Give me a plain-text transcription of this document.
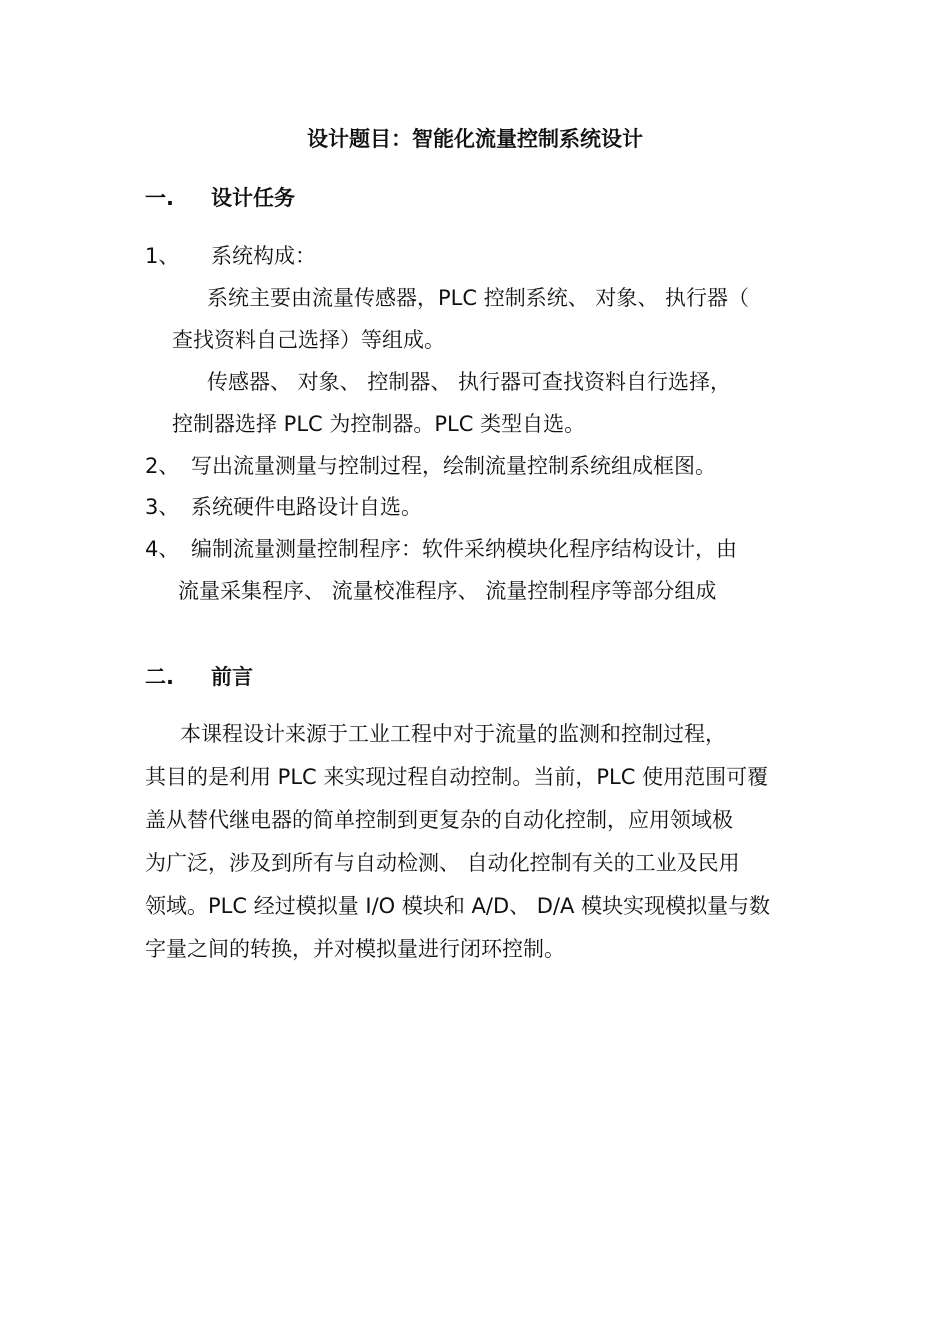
设计题目：智能化流量控制系统设计
一. 设计任务
1、 系统构成：
系统主要由流量传感器，PLC 控制系统、 对象、 执行器（
查找资料自己选择）等组成。
传感器、 对象、 控制器、 执行器可查找资料自行选择，
控制器选择 PLC 为控制器。PLC 类型自选。
2、 写出流量测量与控制过程，绘制流量控制系统组成框图。
3、 系统硬件电路设计自选。
4、 编制流量测量控制程序：软件采纳模块化程序结构设计，由
流量采集程序、 流量校准程序、 流量控制程序等部分组成
二. 前言
本课程设计来源于工业工程中对于流量的监测和控制过程，
其目的是利用 PLC 来实现过程自动控制。当前，PLC 使用范围可覆
盖从替代继电器的简单控制到更复杂的自动化控制，应用领域极
为广泛，涉及到所有与自动检测、 自动化控制有关的工业及民用
领域。PLC 经过模拟量 I/O 模块和 A/D、 D/A 模块实现模拟量与数
字量之间的转换，并对模拟量进行闭环控制。
